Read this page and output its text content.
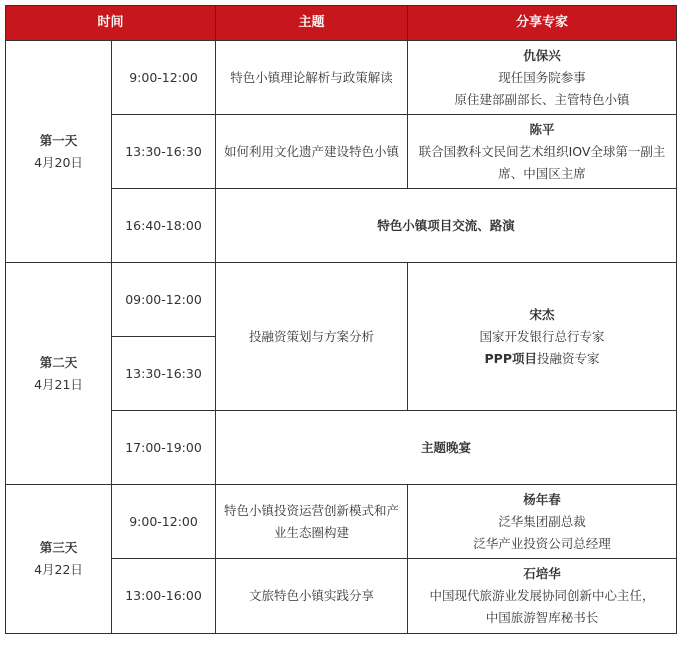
时间		主题	分享专家

第一天
4月20日	9:00-12:00	特色小镇理论解析与政策解读	仇保兴
现任国务院参事
原住建部副部长、主管特色小镇

	13:30-16:30	如何利用文化遗产建设特色小镇	陈平
联合国教科文民间艺术组织IOV全球第一副主席、中国区主席

	16:40-18:00	特色小镇项目交流、路演	

第二天
4月21日	09:00-12:00	投融资策划与方案分析	宋杰
国家开发银行总行专家
PPP项目投融资专家

	13:30-16:30		
	17:00-19:00	主题晚宴	

第三天
4月22日	9:00-12:00	特色小镇投资运营创新模式和产业生态圈构建	杨年春
泛华集团副总裁
泛华产业投资公司总经理

	13:00-16:00	文旅特色小镇实践分享	石培华
中国现代旅游业发展协同创新中心主任，
中国旅游智库秘书长
